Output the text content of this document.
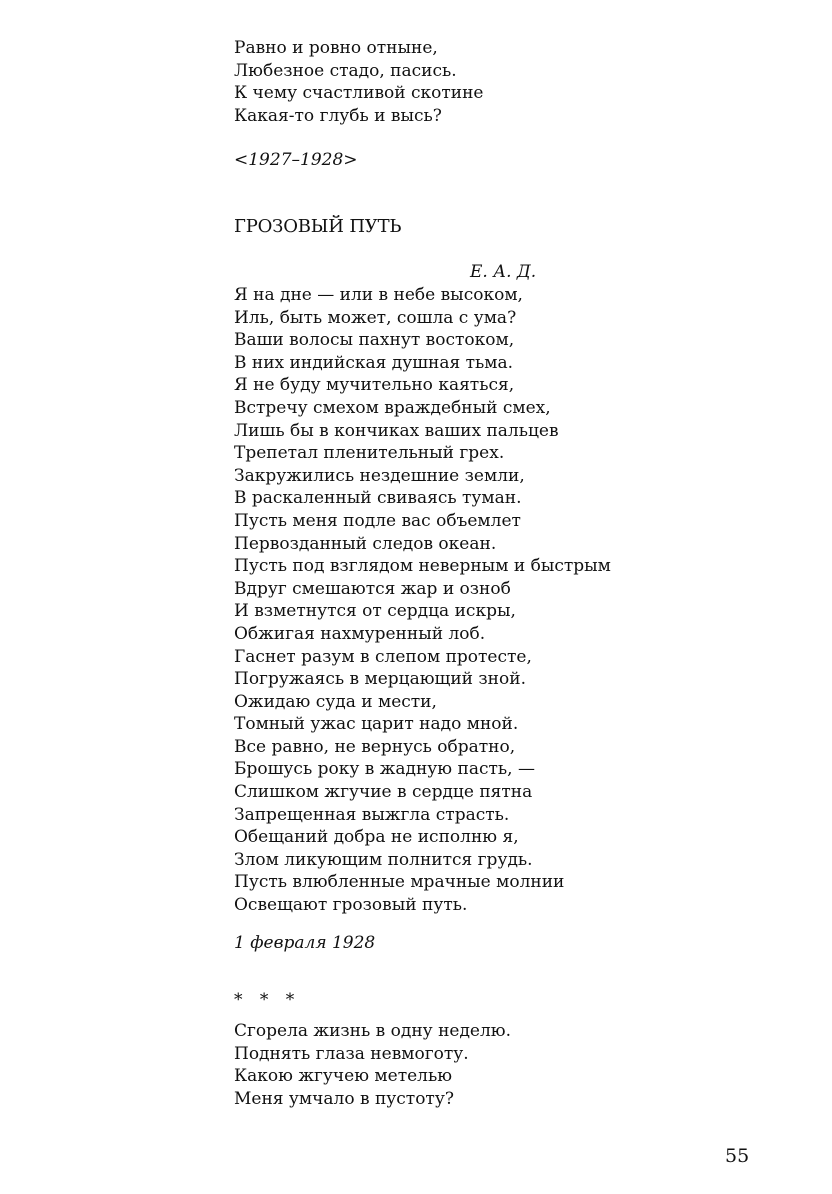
Равно и ровно отныне,
Любезное стадо, пасись.
К чему счастливой скотине
Какая-то глубь и высь?
<1927–1928>
ГРОЗОВЫЙ ПУТЬ
Е. А. Д.
Я на дне — или в небе высоком,
Иль, быть может, сошла с ума?
Ваши волосы пахнут востоком,
В них индийская душная тьма.
Я не буду мучительно каяться,
Встречу смехом враждебный смех,
Лишь бы в кончиках ваших пальцев
Трепетал пленительный грех.
Закружились нездешние земли,
В раскаленный свиваясь туман.
Пусть меня подле вас объемлет
Первозданный следов океан.
Пусть под взглядом неверным и быстрым
Вдруг смешаются жар и озноб
И взметнутся от сердца искры,
Обжигая нахмуренный лоб.
Гаснет разум в слепом протесте,
Погружаясь в мерцающий зной.
Ожидаю суда и мести,
Томный ужас царит надо мной.
Все равно, не вернусь обратно,
Брошусь року в жадную пасть, —
Слишком жгучие в сердце пятна
Запрещенная выжгла страсть.
Обещаний добра не исполню я,
Злом ликующим полнится грудь.
Пусть влюбленные мрачные молнии
Освещают грозовый путь.
1 февраля 1928
* * *
Сгорела жизнь в одну неделю.
Поднять глаза невмоготу.
Какою жгучею метелью
Меня умчало в пустоту?
55
